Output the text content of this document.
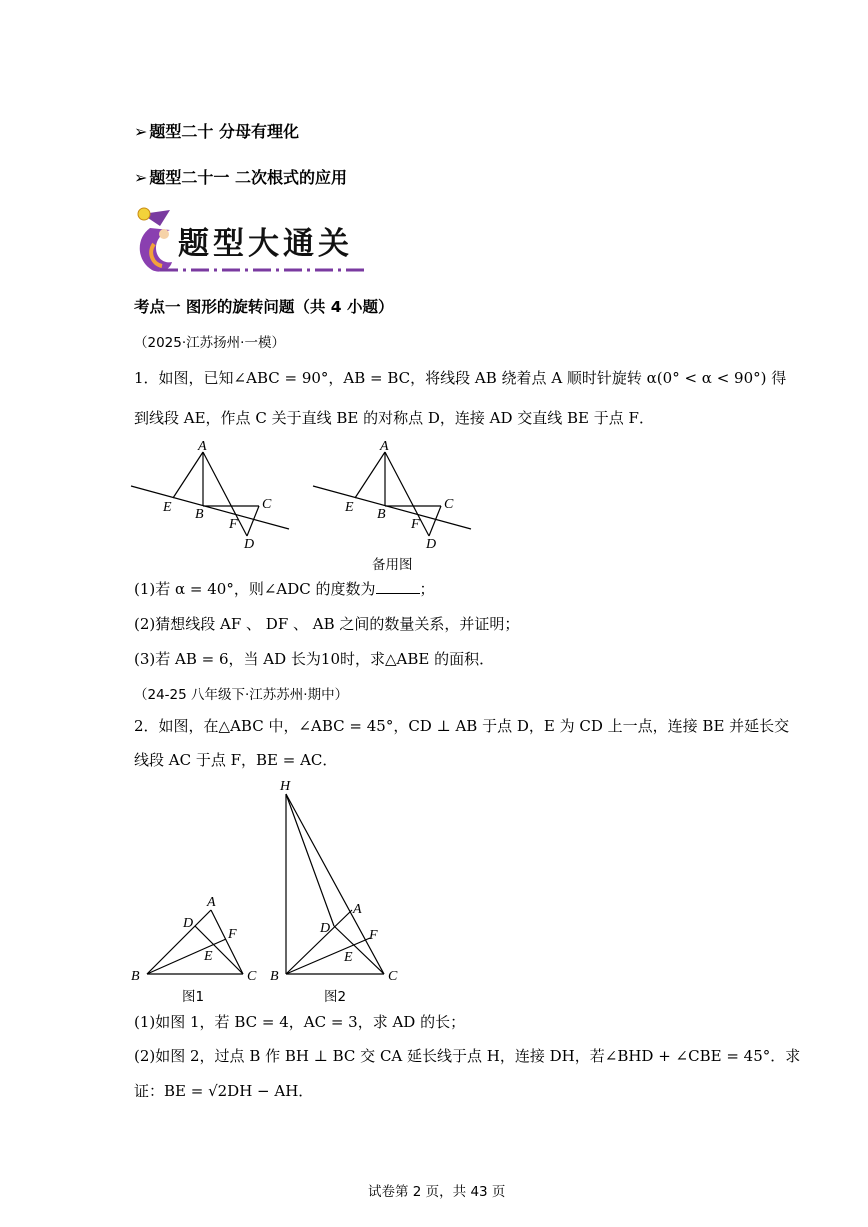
➢ 题型二十 分母有理化
➢ 题型二十一 二次根式的应用
题型大通关
考点一 图形的旋转问题（共 4 小题）
（2025·江苏扬州·一模）
1．如图，已知∠ABC = 90°，AB = BC，将线段 AB 绕着点 A 顺时针旋转 α(0° < α < 90°) 得
到线段 AE，作点 C 关于直线 BE 的对称点 D，连接 AD 交直线 BE 于点 F．
A
E B
C
F
D
A
E B
C
F
D
备用图
(1)若 α = 40°，则∠ADC 的度数为	；
(2)猜想线段 AF 、 DF 、 AB 之间的数量关系，并证明；
(3)若 AB = 6，当 AD 长为10时，求△ABE 的面积．
（24-25 八年级下·江苏苏州·期中）
2．如图，在△ABC 中，∠ABC = 45°，CD ⊥ AB 于点 D，E 为 CD 上一点，连接 BE 并延长交
线段 AC 于点 F，BE = AC．
A
D
F
E
B	C
图1
H
A
D	F
E
B	C
图2
(1)如图 1，若 BC = 4，AC = 3，求 AD 的长；
(2)如图 2，过点 B 作 BH ⊥ BC 交 CA 延长线于点 H，连接 DH，若∠BHD + ∠CBE = 45°．求
证：BE = √2DH − AH．
试卷第 2 页，共 43 页
